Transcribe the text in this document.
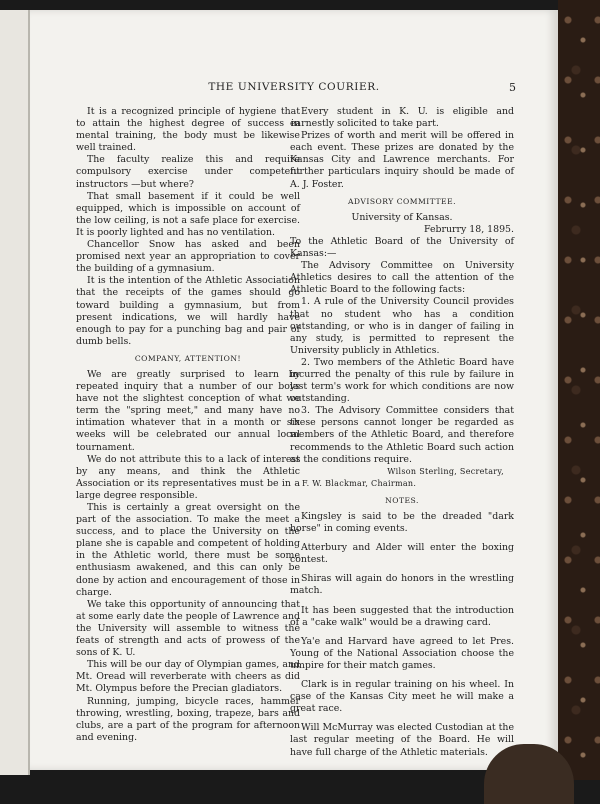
THE UNIVERSITY COURIER.	5

It is a recognized principle of hygiene that to attain the highest degree of success in mental training, the body must be likewise well trained.

The faculty realize this and require compulsory exercise under competent instructors —but where?

That small basement if it could be well equipped, which is impossible on account of the low ceiling, is not a safe place for exercise. It is poorly lighted and has no ventilation.

Chancellor Snow has asked and been promised next year an appropriation to cover the building of a gymnasium.

It is the intention of the Athletic Association that the receipts of the games should go toward building a gymnasium, but from present indications, we will hardly have enough to pay for a punching bag and pair of dumb bells.

COMPANY, ATTENTION!

We are greatly surprised to learn by repeated inquiry that a number of our boys have not the slightest conception of what we term the "spring meet," and many have no intimation whatever that in a month or six weeks will be celebrated our annual local tournament.

We do not attribute this to a lack of interest by any means, and think the Athletic Association or its representatives must be in a large degree responsible.

This is certainly a great oversight on the part of the association. To make the meet a success, and to place the University on the plane she is capable and competent of holding in the Athletic world, there must be some enthusiasm awakened, and this can only be done by action and encouragement of those in charge.

We take this opportunity of announcing that at some early date the people of Lawrence and the University will assemble to witness the feats of strength and acts of prowess of the sons of K. U.

This will be our day of Olympian games, and Mt. Oread will reverberate with cheers as did Mt. Olympus before the Precian gladiators.

Running, jumping, bicycle races, hammer throwing, wrestling, boxing, trapeze, bars and clubs, are a part of the program for afternoon and evening.

Every student in K. U. is eligible and earnestly solicited to take part.

Prizes of worth and merit will be offered in each event. These prizes are donated by the Kansas City and Lawrence merchants. For further particulars inquiry should be made of A. J. Foster.

ADVISORY COMMITTEE.

University of Kansas.

Februrry 18, 1895.

To the Athletic Board of the University of Kansas:—

The Advisory Committee on University Athletics desires to call the attention of the Athletic Board to the following facts:

1. A rule of the University Council provides that no student who has a condition outstanding, or who is in danger of failing in any study, is permitted to represent the University publicly in Athletics.

2. Two members of the Athletic Board have incurred the penalty of this rule by failure in last term's work for which conditions are now outstanding.

3. The Advisory Committee considers that these persons cannot longer be regarded as members of the Athletic Board, and therefore recommends to the Athletic Board such action as the conditions require.

Wilson Sterling, Secretary,

F. W. Blackmar, Chairman.

NOTES.

Kingsley is said to be the dreaded "dark horse" in coming events.

Atterbury and Alder will enter the boxing contest.

Shiras will again do honors in the wrestling match.

It has been suggested that the introduction of a "cake walk" would be a drawing card.

Ya'e and Harvard have agreed to let Pres. Young of the National Association choose the umpire for their match games.

Clark is in regular training on his wheel. In case of the Kansas City meet he will make a great race.

Will McMurray was elected Custodian at the last regular meeting of the Board. He will have full charge of the Athletic materials.
